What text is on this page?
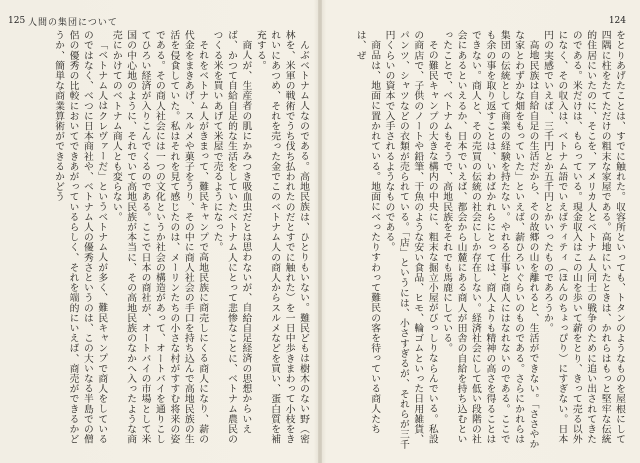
125 人間の集団について

んぶベトナム人なのである。高地民族は、ひとりもいない。難民どもは樹木のない野（密林を、米軍の戦術でうち伐ち払われたのだとすでに触れた）を一日中歩きまわって小枝をきれいにあつめ、それを売った金でこのベトナム人の商人からスルメなどを買い、蛋白質を補充する。

商人が、生産者の肌にかみつき吸血虫だとは思わないが、自給自足経済の思想からいえば、かつて自給自足的な生活をしていたベトナム人にとって悲惨なことに、ベトナム農民のつくる米を買いあげて米屋で売るようになった。

それをベトナム人がきまって、難民キャンプで高地民族に商売しにくる商人になり、薪の代金をまきあげ、スルメや菓子をうり、その中に商人社会の手口を持ち込んで高地民族の生活を侵食していた。私はそれを見て感じたのは、メーリンたちの小さな村がすすむ将来の姿である。その商人社会には一つの文化というか社会の構造があって、オートバイを通りこしてひろい経済が入りこんでくるのである。ここで日本の商社が、オートバイの市場として米国の中心地のように、それでいて高地民族が本当に、その高地民族のなかへ入ったような商売にかけてのベトナム商人とも変らない。

「ベトナム人はクレヴァーだ」というベトナム人が多く、難民キャンプで商人をしているのではなく、べつに日本商社や、ベトナム人の優秀さというのは、この大いなる半島での僧侶の優秀の比較においてできあがっているらしく、それを端的にいえば、商売ができるかどうか、簡単な商業算術ができるかどう

124

をとりあげたことは、すでに触れた。収容所といっても、トタンのようなものを屋根にして四隅に柱をたてただけの粗末な家屋である。高地にいたときは、かれらはもっと堅牢な伝統的住居にいたのに、そこを、アメリカ人とベトナム人同士の戦争のために追い出されてきたのである。米だけは、もらっている。現金収入はこの山を歩いて薪をとり、きって売る以外になく、その収入は、ベトナム語でいえばティティ（ほんのちょっぴり）にすぎない。日本円の実感でいえば、三千円とか五千円とかいったものであろうか。

高地民族は自給自足の生活だから、その故郷の山を離れると、生活ができない。「ささやかな家とわずかな畑をもっていた」といえば、薪ひろいぐらいのものである。さらにかれらは集団の伝統として商業の経験を持たない。やれる仕事と商人にはなれないのである。ここでも余の事を取り返すことは、いわばかれらにとっては、商人よりも精神の高さを得ることはできない。商人と、その売買の伝統の社会にしか存在しない。経済社会にして低い段階の社会にあるといえるか、日本でいえば、都会から山麓にある商人が田舎の自給を持ち込むといったことで、ベトナムもそうで、高地民族をそれでも馬鹿にしている。

その難民キャンプの大きな構内の中央に、粗末な掘立小屋がびっしりならんでいる。私設の商店で、子供のノートや鉛筆、干魚のような安い食品、ヒモ、輪ゴムといった日用雑貨、パンツ、シャツなどの衣類が売られている。「店」というには、小さすぎるが、それらが三千円くらいの資本で入手されるようなものである。

商品は、地面に置かれている。地面にべったりすわって難民の客を待っている商人たちは、ぜ
